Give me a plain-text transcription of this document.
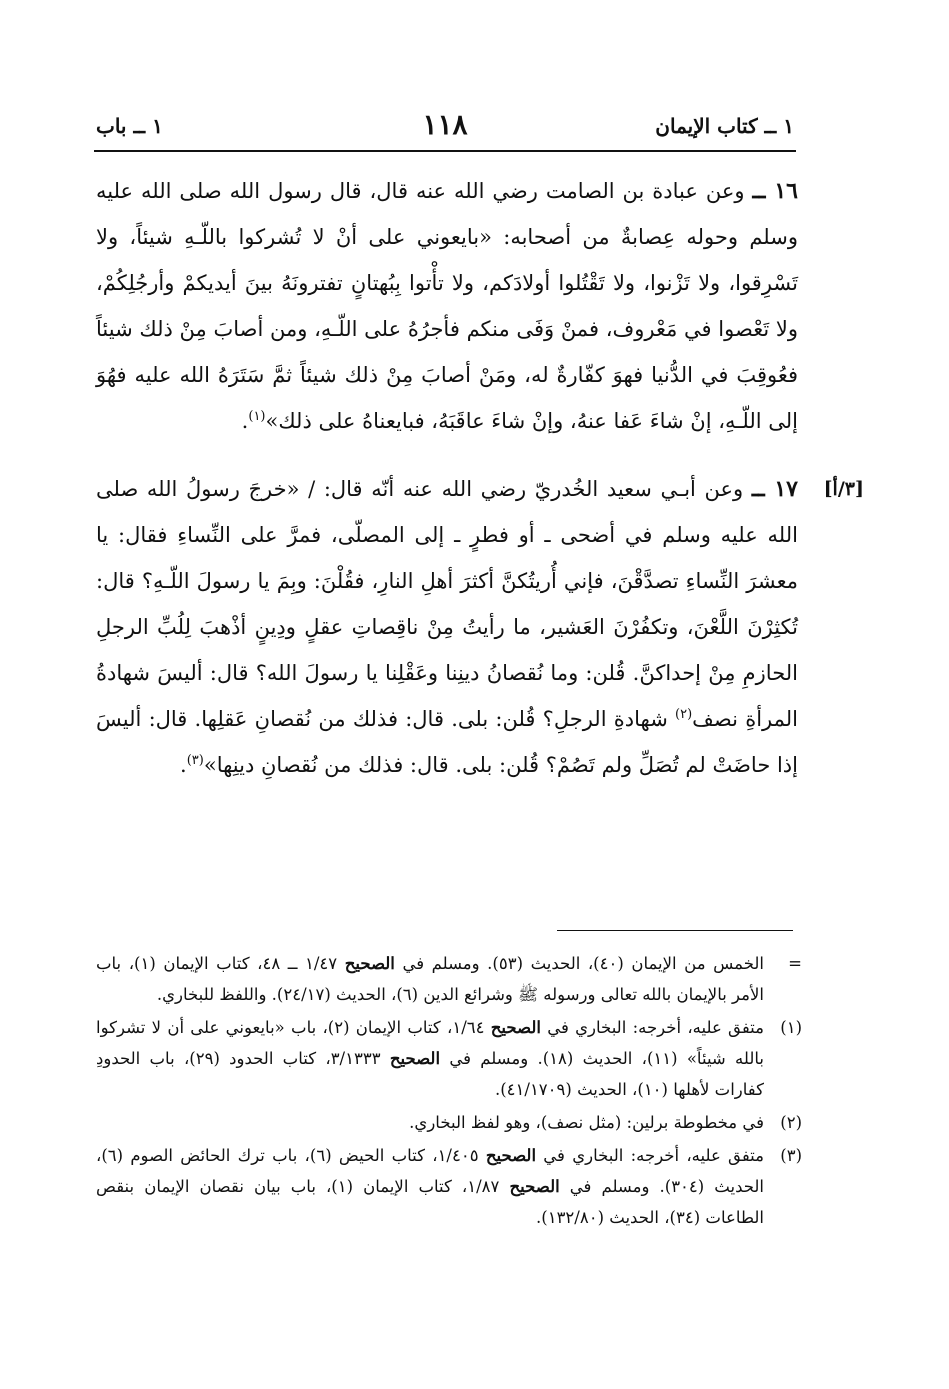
١ ــ كتاب الإيمان
١١٨
١ ــ باب

١٦ ــ وعن عبادة بن الصامت رضي الله عنه قال، قال رسول الله صلى الله عليه وسلم وحوله عِصابةٌ من أصحابه: «بايعوني على أنْ لا تُشركوا باللّـهِ شيئاً، ولا تَسْرِقوا، ولا تَزْنوا، ولا تَقْتُلوا أولادَكم، ولا تأْتوا بِبُهتانٍ تفترونَهُ بينَ أيديكمْ وأرجُلِكُمْ، ولا تَعْصوا في مَعْروف، فمنْ وَفَى منكم فأجرُهُ على اللّـهِ، ومن أصابَ مِنْ ذلك شيئاً فعُوقِبَ في الدُّنيا فهوَ كفّارةٌ له، ومَنْ أصابَ مِنْ ذلك شيئاً ثمَّ سَتَرَهُ الله عليه فهُوَ إلى اللّـهِ، إنْ شاءَ عَفا عنهُ، وإنْ شاءَ عاقَبَهُ، فبايعناهُ على ذلك»$^{(١)}$.

[٣/أ]
١٧ ــ وعن أبـي سعيد الخُدريّ رضي الله عنه أنّه قال: / «خرجَ رسولُ الله صلى الله عليه وسلم في أضحى ـ أو فطرٍ ـ إلى المصلّى، فمرَّ على النِّساءِ فقال: يا معشرَ النِّساءِ تصدَّقْنَ، فإني أُريتُكنَّ أكثرَ أهلِ النارِ، فقُلْنَ: وبِمَ يا رسولَ اللّـهِ؟ قال: تُكثِرْنَ اللَّعْنَ، وتكفُرْنَ العَشير، ما رأيتُ مِنْ ناقِصاتِ عقلٍ ودِينٍ أذْهبَ لِلُبِّ الرجلِ الحازمِ مِنْ إحداكنَّ. قُلن: وما نُقصانُ دينِنا وعَقْلِنا يا رسولَ الله؟ قال: أليسَ شهادةُ المرأةِ نصف$^{(٢)}$ شهادةِ الرجلِ؟ قُلن: بلى. قال: فذلك من نُقصانِ عَقلِها. قال: أليسَ إذا حاضَتْ لم تُصَلِّ ولم تَصُمْ؟ قُلن: بلى. قال: فذلك من نُقصانِ دينِها»$^{(٣)}$.

=
الخمس من الإيمان (٤٠)، الحديث (٥٣). ومسلم في الصحيح ١/٤٧ ــ ٤٨، كتاب الإيمان (١)، باب الأمر بالإيمان بالله تعالى ورسوله ﷺ وشرائع الدين (٦)، الحديث (٢٤/١٧). واللفظ للبخاري.
(١)
متفق عليه، أخرجه: البخاري في الصحيح ١/٦٤، كتاب الإيمان (٢)، باب «بايعوني على أن لا تشركوا بالله شيئاً» (١١)، الحديث (١٨). ومسلم في الصحيح ٣/١٣٣٣، كتاب الحدود (٢٩)، باب الحدودِ كفارات لأهلها (١٠)، الحديث (٤١/١٧٠٩).
(٢)
في مخطوطة برلين: (مثل نصف)، وهو لفظ البخاري.
(٣)
متفق عليه، أخرجه: البخاري في الصحيح ١/٤٠٥، كتاب الحيض (٦)، باب ترك الحائض الصوم (٦)، الحديث (٣٠٤). ومسلم في الصحيح ١/٨٧، كتاب الإيمان (١)، باب بيان نقصان الإيمان بنقص الطاعات (٣٤)، الحديث (١٣٢/٨٠).
